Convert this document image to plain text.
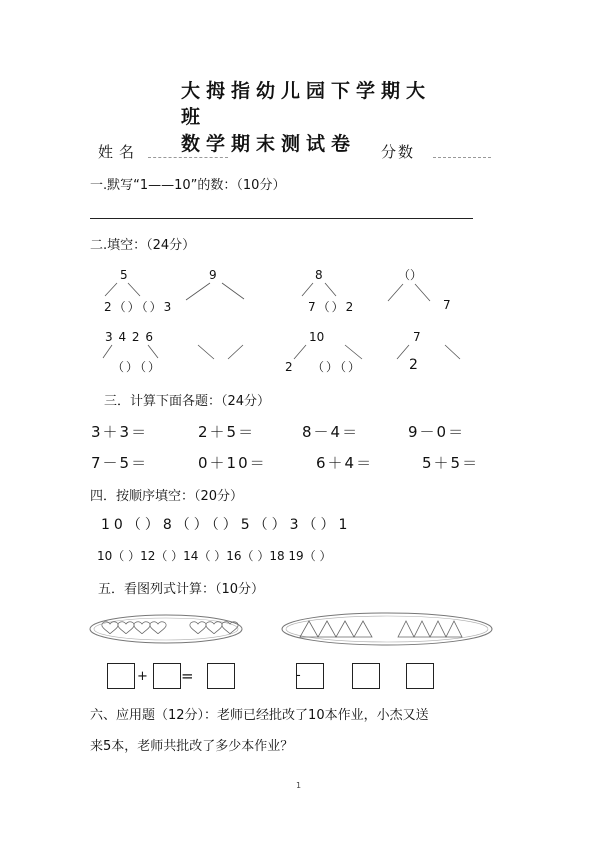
大拇指幼儿园下学期大
班
数学期末测试卷
姓名	分数
一.默写“1——10”的数：（10分）
二.填空：（24分）
5
2（）（）3
9	8
7（）2
（）
7
3 4 2 6
（）（）
10
2 （）（）
7
2
三．计算下面各题：（24分）
3＋3＝	2＋5＝	8－4＝	9－0＝
7－5＝	0＋10＝	6＋4＝	5＋5＝
四．按顺序填空：（20分）
10（）8（）（）5（）3（）1
10（ ）12（ ）14（ ）16（ ）18 19（ ）
五．看图列式计算：（10分）
+ =	-
六、应用题（12分）：老师已经批改了10本作业，小杰又送
来5本，老师共批改了多少本作业？
1
